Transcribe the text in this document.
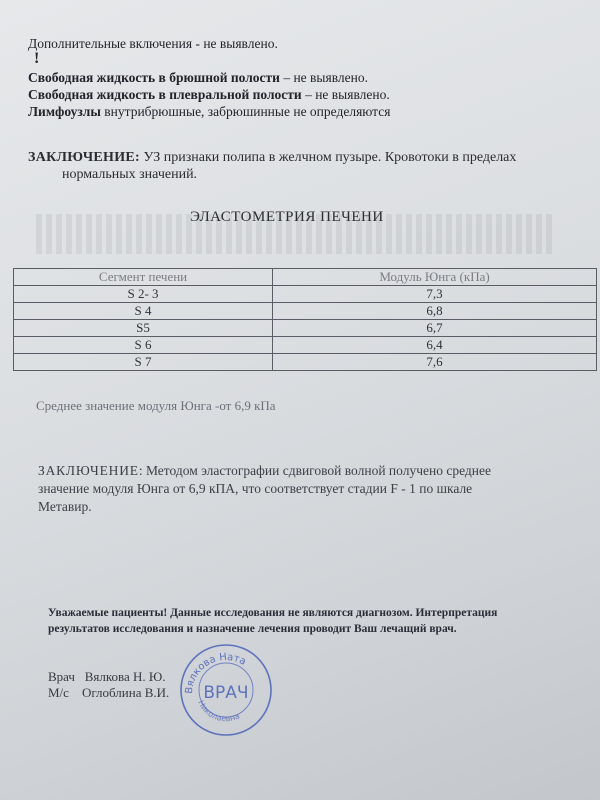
Дополнительные включения - не выявлено.
!
Свободная жидкость в брюшной полости – не выявлено.
Свободная жидкость в плевральной полости – не выявлено.
Лимфоузлы внутрибрюшные, забрюшинные не определяются
ЗАКЛЮЧЕНИЕ: УЗ признаки полипа в желчном пузыре. Кровотоки в пределах
нормальных значений.
ЭЛАСТОМЕТРИЯ ПЕЧЕНИ
Сегмент печени	Модуль Юнга (кПа)
S 2- 3	7,3
S 4	6,8
S5	6,7
S 6	6,4
S 7	7,6
Среднее значение модуля Юнга -от 6,9 кПа
ЗАКЛЮЧЕНИЕ: Методом эластографии сдвиговой волной получено среднее
значение модуля Юнга от 6,9 кПА, что соответствует стадии F - 1 по шкале
Метавир.
Уважаемые пациенты! Данные исследования не являются диагнозом. Интерпретация
результатов исследования и назначение лечения проводит Ваш лечащий врач.
Врач Вялкова Н. Ю.
М/с Оглоблина В.И. Вялкова Ната
Николаевна
ВРАЧ
